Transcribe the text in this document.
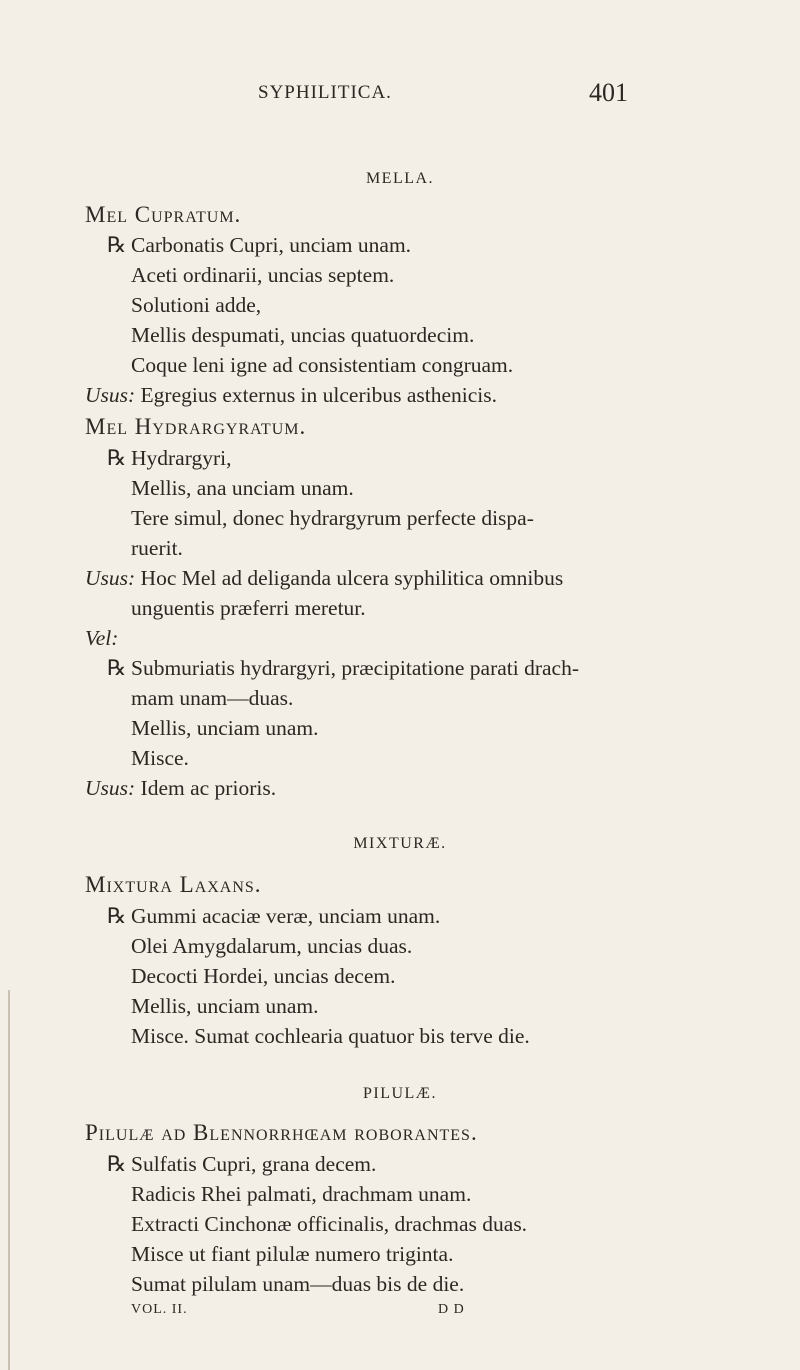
SYPHILITICA.	401
MELLA.
Mel Cupratum.
℞ Carbonatis Cupri, unciam unam.
Aceti ordinarii, uncias septem.
Solutioni adde,
Mellis despumati, uncias quatuordecim.
Coque leni igne ad consistentiam congruam.
Usus: Egregius externus in ulceribus asthenicis.
Mel Hydrargyratum.
℞ Hydrargyri,
Mellis, ana unciam unam.
Tere simul, donec hydrargyrum perfecte dispa-
ruerit.
Usus: Hoc Mel ad deliganda ulcera syphilitica omnibus
unguentis præferri meretur.
Vel:
℞ Submuriatis hydrargyri, præcipitatione parati drach-
mam unam—duas.
Mellis, unciam unam.
Misce.
Usus: Idem ac prioris.
MIXTURÆ.
Mixtura Laxans.
℞ Gummi acaciæ veræ, unciam unam.
Olei Amygdalarum, uncias duas.
Decocti Hordei, uncias decem.
Mellis, unciam unam.
Misce. Sumat cochlearia quatuor bis terve die.
PILULÆ.
Pilulæ ad Blennorrhœam roborantes.
℞ Sulfatis Cupri, grana decem.
Radicis Rhei palmati, drachmam unam.
Extracti Cinchonæ officinalis, drachmas duas.
Misce ut fiant pilulæ numero triginta.
Sumat pilulam unam—duas bis de die.
VOL. II.	D D
